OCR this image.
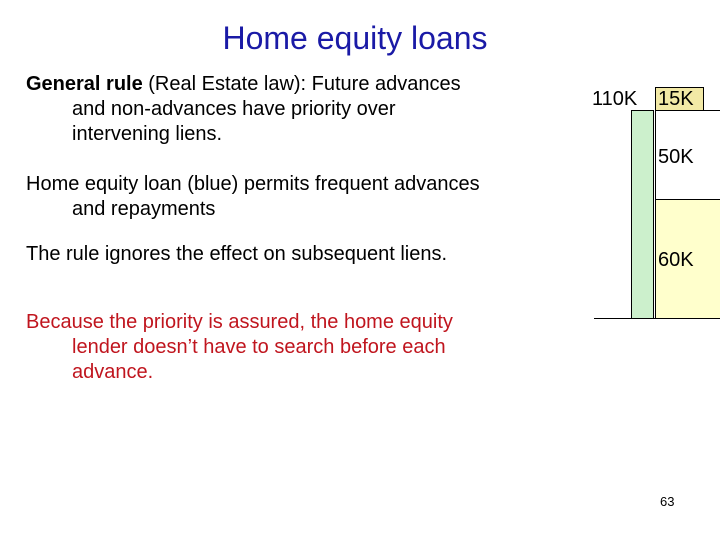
Home equity loans
General rule (Real Estate law): Future advances and non-advances have priority over intervening liens.
Home equity loan (blue) permits frequent advances and repayments
The rule ignores the effect on subsequent liens.
Because the priority is assured, the home equity lender doesn’t have to search before each advance.
110K 15K
50K
60K
63
